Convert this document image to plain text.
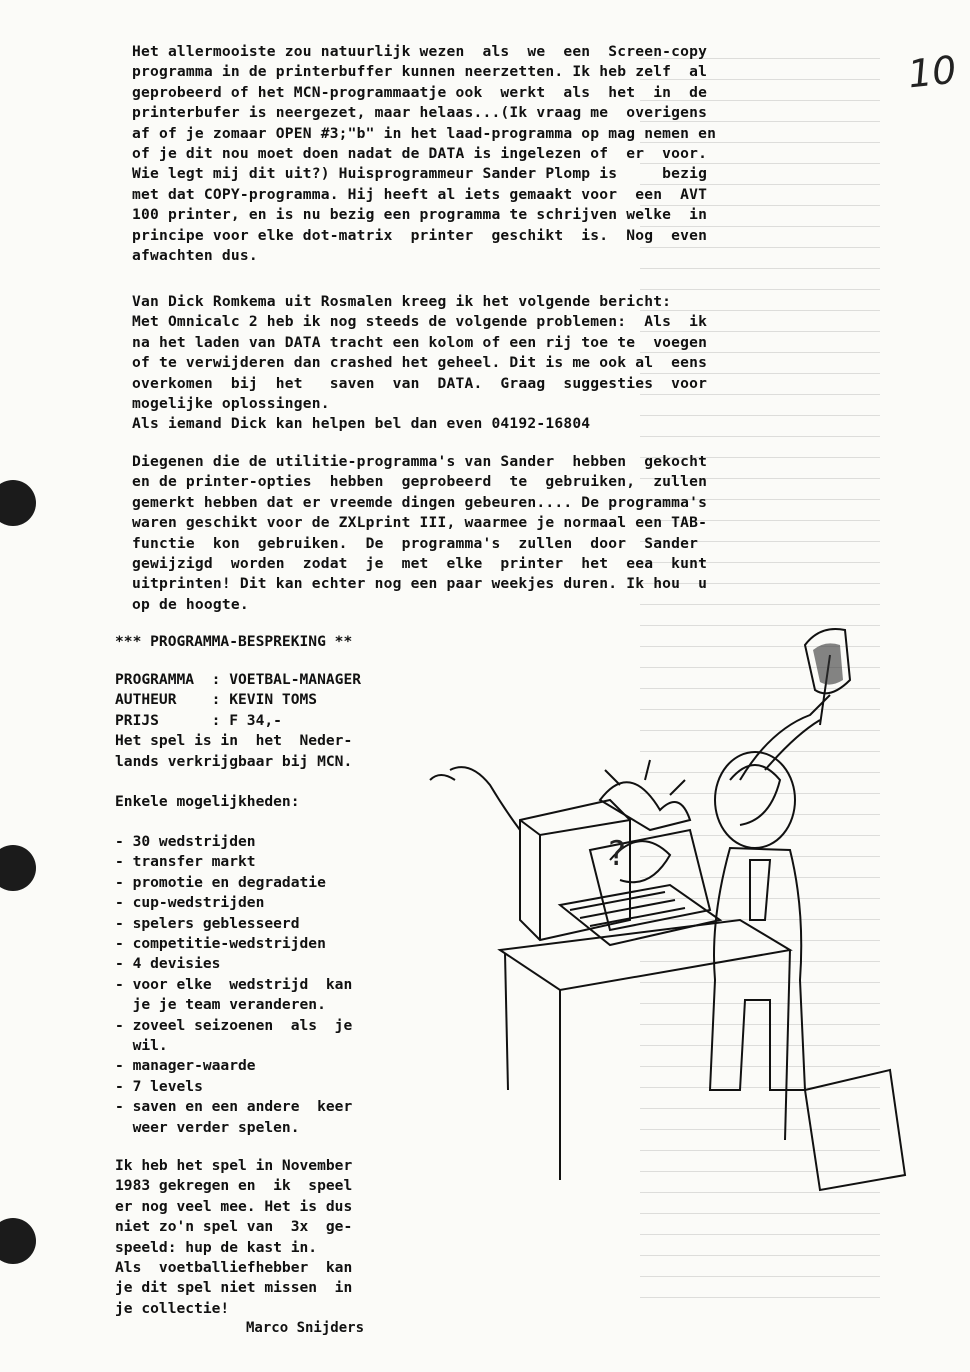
10
Het allermooiste zou natuurlijk wezen  als  we  een  Screen-copy
programma in de printerbuffer kunnen neerzetten. Ik heb zelf  al
geprobeerd of het MCN-programmaatje ook  werkt  als  het  in  de
printerbufer is neergezet, maar helaas...(Ik vraag me  overigens
af of je zomaar OPEN #3;"b" in het laad-programma op mag nemen en
of je dit nou moet doen nadat de DATA is ingelezen of  er  voor.
Wie legt mij dit uit?) Huisprogrammeur Sander Plomp is     bezig
met dat COPY-programma. Hij heeft al iets gemaakt voor  een  AVT
100 printer, en is nu bezig een programma te schrijven welke  in
principe voor elke dot-matrix  printer  geschikt  is.  Nog  even
afwachten dus.
Van Dick Romkema uit Rosmalen kreeg ik het volgende bericht:
Met Omnicalc 2 heb ik nog steeds de volgende problemen:  Als  ik
na het laden van DATA tracht een kolom of een rij toe te  voegen
of te verwijderen dan crashed het geheel. Dit is me ook al  eens
overkomen  bij  het   saven  van  DATA.  Graag  suggesties  voor
mogelijke oplossingen.
Als iemand Dick kan helpen bel dan even 04192-16804
Diegenen die de utilitie-programma's van Sander  hebben  gekocht
en de printer-opties  hebben  geprobeerd  te  gebruiken,  zullen
gemerkt hebben dat er vreemde dingen gebeuren.... De programma's
waren geschikt voor de ZXLprint III, waarmee je normaal een TAB-
functie  kon  gebruiken.  De  programma's  zullen  door  Sander
gewijzigd  worden  zodat  je  met  elke  printer  het  eea  kunt
uitprinten! Dit kan echter nog een paar weekjes duren. Ik hou  u
op de hoogte.
*** PROGRAMMA-BESPREKING **
PROGRAMMA  : VOETBAL-MANAGER
AUTHEUR    : KEVIN TOMS
PRIJS      : F 34,-
Het spel is in  het  Neder-
lands verkrijgbaar bij MCN.
Enkele mogelijkheden:
- 30 wedstrijden
- transfer markt
- promotie en degradatie
- cup-wedstrijden
- spelers geblesseerd
- competitie-wedstrijden
- 4 devisies
- voor elke  wedstrijd  kan
je je team veranderen.
- zoveel seizoenen  als  je
wil.
- manager-waarde
- 7 levels
- saven en een andere  keer
weer verder spelen.
Ik heb het spel in November
1983 gekregen en  ik  speel
er nog veel mee. Het is dus
niet zo'n spel van  3x  ge-
speeld: hup de kast in.
Als  voetballiefhebber  kan
je dit spel niet missen  in
je collectie!
Marco Snijders
?
